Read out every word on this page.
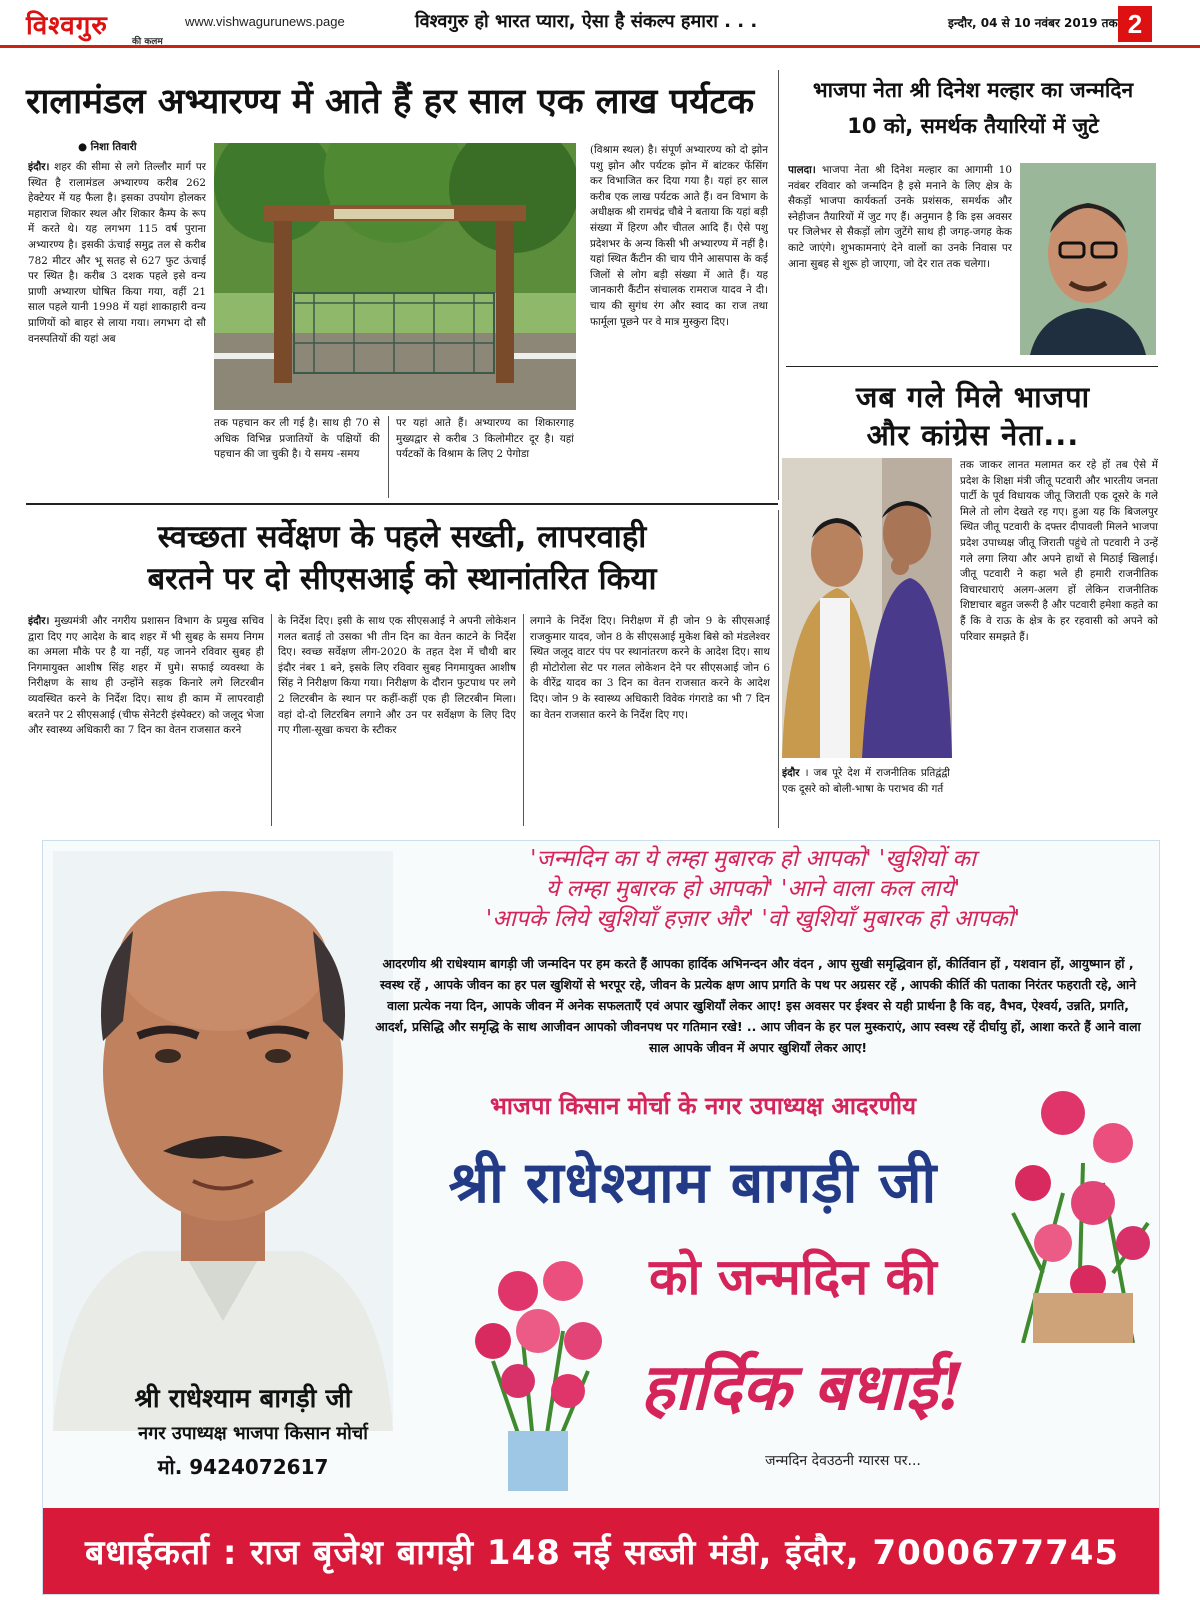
विश्वगुरु
की कलम
www.vishwagurunews.page	विश्वगुरु हो भारत प्यारा, ऐसा है संकल्प हमारा . . .	इन्दौर, 04 से 10 नवंबर 2019 तक 2
रालामंडल अभ्यारण्य में आते हैं हर साल एक लाख पर्यटक
● निशा तिवारी
इंदौर। शहर की सीमा से लगे तिल्लौर मार्ग पर स्थित है रालामंडल अभ्यारण्य करीब 262 हेक्टेयर में यह फैला है। इसका उपयोग होलकर महाराज शिकार स्थल और शिकार कैम्प के रूप में करते थे। यह लगभग 115 वर्ष पुराना अभ्यारण्य है। इसकी ऊंचाई समुद्र तल से करीब 782 मीटर और भू सतह से 627 फुट ऊंचाई पर स्थित है। करीब 3 दशक पहले इसे वन्य प्राणी अभ्यारण घोषित किया गया, वहीं 21 साल पहले यानी 1998 में यहां शाकाहारी वन्य प्राणियों को बाहर से लाया गया। लगभग दो सौ वनस्पतियों की यहां अब
तक पहचान कर ली गई है। साथ ही 70 से अधिक विभिन्न प्रजातियों के पक्षियों की पहचान की जा चुकी है। ये समय -समय
पर यहां आते हैं। अभ्यारण्य का शिकारगाह मुख्यद्वार से करीब 3 किलोमीटर दूर है। यहां पर्यटकों के विश्राम के लिए 2 पेगोडा
(विश्राम स्थल) है। संपूर्ण अभ्यारण्य को दो झोन पशु झोन और पर्यटक झोन में बांटकर फेंसिंग कर विभाजित कर दिया गया है। यहां हर साल करीब एक लाख पर्यटक आते हैं। वन विभाग के अधीक्षक श्री रामचंद्र चौबे ने बताया कि यहां बड़ी संख्या में हिरण और चीतल आदि हैं। ऐसे पशु प्रदेशभर के अन्य किसी भी अभ्यारण्य में नहीं है। यहां स्थित कैंटीन की चाय पीने आसपास के कई जिलों से लोग बड़ी संख्या में आते हैं। यह जानकारी कैंटीन संचालक रामराज यादव ने दी। चाय की सुगंध रंग और स्वाद का राज तथा फार्मूला पूछने पर वे मात्र मुस्कुरा दिए।
भाजपा नेता श्री दिनेश मल्हार का जन्मदिन
10 को, समर्थक तैयारियों में जुटे
पालदा। भाजपा नेता श्री दिनेश मल्हार का आगामी 10 नवंबर रविवार को जन्मदिन है इसे मनाने के लिए क्षेत्र के सैकड़ों भाजपा कार्यकर्ता उनके प्रशंसक, समर्थक और स्नेहीजन तैयारियों में जुट गए हैं। अनुमान है कि इस अवसर पर जिलेभर से सैकड़ों लोग जुटेंगे साथ ही जगह-जगह केक काटे जाएंगे। शुभकामनाएं देने वालों का उनके निवास पर आना सुबह से शुरू हो जाएगा, जो देर रात तक चलेगा।
जब गले मिले भाजपा
और कांग्रेस नेता...
स्वच्छता सर्वेक्षण के पहले सख्ती, लापरवाही
बरतने पर दो सीएसआई को स्थानांतरित किया
इंदौर। मुख्यमंत्री और नगरीय प्रशासन विभाग के प्रमुख सचिव द्वारा दिए गए आदेश के बाद शहर में भी सुबह के समय निगम का अमला मौके पर है या नहीं, यह जानने रविवार सुबह ही निगमायुक्त आशीष सिंह शहर में घुमे। सफाई व्यवस्था के निरीक्षण के साथ ही उन्होंने सड़क किनारे लगे लिटरबीन व्यवस्थित करने के निर्देश दिए। साथ ही काम में लापरवाही बरतने पर 2 सीएसआई (चीफ सेनेटरी इंस्पेक्टर) को जलूद भेजा और स्वास्थ्य अधिकारी का 7 दिन का वेतन राजसात करने
के निर्देश दिए। इसी के साथ एक सीएसआई ने अपनी लोकेशन गलत बताई तो उसका भी तीन दिन का वेतन काटने के निर्देश दिए। स्वच्छ सर्वेक्षण लीग-2020 के तहत देश में चौथी बार इंदौर नंबर 1 बने, इसके लिए रविवार सुबह निगमायुक्त आशीष सिंह ने निरीक्षण किया गया। निरीक्षण के दौरान फुटपाथ पर लगे 2 लिटरबीन के स्थान पर कहीं-कहीं एक ही लिटरबीन मिला। वहां दो-दो लिटरबिन लगाने और उन पर सर्वेक्षण के लिए दिए गए गीला-सूखा कचरा के स्टीकर
लगाने के निर्देश दिए। निरीक्षण में ही जोन 9 के सीएसआई राजकुमार यादव, जोन 8 के सीएसआई मुकेश बिसे को मंडलेश्वर स्थित जलूद वाटर पंप पर स्थानांतरण करने के आदेश दिए। साथ ही मोटोरोला सेट पर गलत लोकेशन देने पर सीएसआई जोन 6 के वीरेंद्र यादव का 3 दिन का वेतन राजसात करने के आदेश दिए। जोन 9 के स्वास्थ्य अधिकारी विवेक गंगराडे का भी 7 दिन का वेतन राजसात करने के निर्देश दिए गए।
इंदौर । जब पूरे देश में राजनीतिक प्रतिद्वंद्वी एक दूसरे को बोली-भाषा के पराभव की गर्त
तक जाकर लानत मलामत कर रहे हों तब ऐसे में प्रदेश के शिक्षा मंत्री जीतू पटवारी और भारतीय जनता पार्टी के पूर्व विधायक जीतू जिराती एक दूसरे के गले मिले तो लोग देखते रह गए। हुआ यह कि बिजलपुर स्थित जीतू पटवारी के दफ्तर दीपावली मिलने भाजपा प्रदेश उपाध्यक्ष जीतू जिराती पहुंचे तो पटवारी ने उन्हें गले लगा लिया और अपने हाथों से मिठाई खिलाई। जीतू पटवारी ने कहा भले ही हमारी राजनीतिक विचारधाराएं अलग-अलग हों लेकिन राजनीतिक शिष्टाचार बहुत जरूरी है और पटवारी हमेशा कहते का हैं कि वे राऊ के क्षेत्र के हर रहवासी को अपने को परिवार समझते हैं।
'जन्मदिन का ये लम्हा मुबारक हो आपको' 'खुशियों का
ये लम्हा मुबारक हो आपको' 'आने वाला कल लाये'
'आपके लिये खुशियाँ हज़ार और' 'वो खुशियाँ मुबारक हो आपको'
आदरणीय श्री राधेश्याम बागड़ी जी जन्मदिन पर हम करते हैं आपका हार्दिक अभिनन्दन और वंदन , आप सुखी समृद्धिवान हों, कीर्तिवान हों , यशवान हों, आयुष्मान हों , स्वस्थ रहें , आपके जीवन का हर पल खुशियों से भरपूर रहे, जीवन के प्रत्येक क्षण आप प्रगति के पथ पर अग्रसर रहें , आपकी कीर्ति की पताका निरंतर फहराती रहे, आने वाला प्रत्येक नया दिन, आपके जीवन में अनेक सफलताएँ एवं अपार खुशियाँ लेकर आए! इस अवसर पर ईश्वर से यही प्रार्थना है कि वह, वैभव, ऐश्वर्य, उन्नति, प्रगति, आदर्श, प्रसिद्धि और समृद्धि के साथ आजीवन आपको जीवनपथ पर गतिमान रखे! .. आप जीवन के हर पल मुस्कराएं, आप स्वस्थ रहें दीर्घायु हों, आशा करते हैं आने वाला साल आपके जीवन में अपार खुशियाँ लेकर आए!
भाजपा किसान मोर्चा के नगर उपाध्यक्ष आदरणीय
श्री राधेश्याम बागड़ी जी
को जन्मदिन की
हार्दिक बधाई!
जन्मदिन देवउठनी ग्यारस पर...
श्री राधेश्याम बागड़ी जी
नगर उपाध्यक्ष भाजपा किसान मोर्चा
मो. 9424072617
बधाईकर्ता : राज बृजेश बागड़ी 148 नई सब्जी मंडी, इंदौर, 7000677745
